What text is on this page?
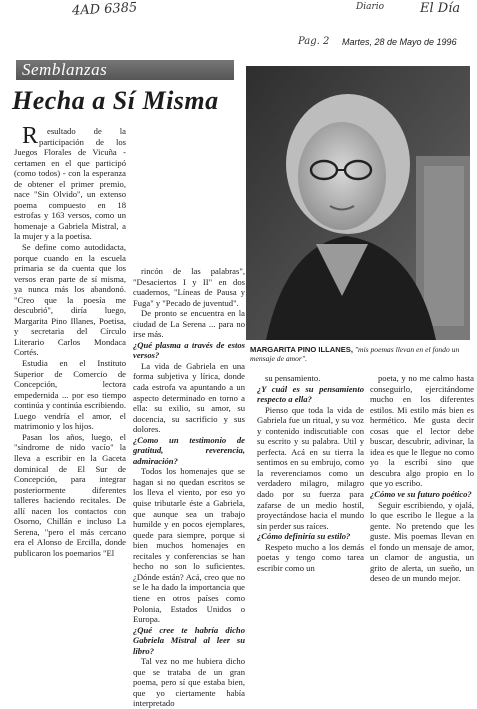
4AD 6385	Diario	El Día
Pag. 2 Martes, 28 de Mayo de 1996
Semblanzas
Hecha a Sí Misma

Resultado de la participación de los Juegos Florales de Vicuña - certamen en el que participó (como todos) - con la esperanza de obtener el primer premio, nace "Sin Olvido", un extenso poema compuesto en 18 estrofas y 163 versos, como un homenaje a Gabriela Mistral, a la mujer y a la poetisa.

Se define como autodidacta, porque cuando en la escuela primaria se da cuenta que los versos eran parte de sí misma, ya nunca más los abandonó. "Creo que la poesía me descubrió", diría luego, Margarita Pino Illanes, Poetisa, y secretaria del Círculo Literario Carlos Mondaca Cortés.

Estudia en el Instituto Superior de Comercio de Concepción, lectora empedernida ... por eso tiempo continúa y continúa escribiendo. Luego vendría el amor, el matrimonio y los hijos.

Pasan los años, luego, el "síndrome de nido vacío" la lleva a escribir en la Gaceta dominical de El Sur de Concepción, para integrar posteriormente diferentes talleres haciendo recitales. De allí nacen los contactos con Osorno, Chillán e incluso La Serena, "pero el más cercano era el Alonso de Ercilla, donde publicaron los poemarios "El

rincón de las palabras", "Desaciertos I y II" en dos cuadernos, "Líneas de Pausa y Fuga" y "Pecado de juventud".

De pronto se encuentra en la ciudad de La Serena ... para no irse más.

¿Qué plasma a través de estos versos?

La vida de Gabriela en una forma subjetiva y lírica, donde cada estrofa va apuntando a un aspecto determinado en torno a ella: su exilio, su amor, su docencia, su sacrificio y sus dolores.

¿Como un testimonio de gratitud, reverencia, admiración?

Todos los homenajes que se hagan si no quedan escritos se los lleva el viento, por eso yo quise tributarle éste a Gabriela, que aunque sea un trabajo humilde y en pocos ejemplares, quede para siempre, porque si bien muchos homenajes en recitales y conferencias se han hecho no son lo suficientes. ¿Dónde están? Acá, creo que no se le ha dado la importancia que tiene en otros países como Polonia, Estados Unidos o Europa.

¿Qué cree te habría dicho Gabriela Mistral al leer su libro?

Tal vez no me hubiera dicho que se trataba de un gran poema, pero sí que estaba bien, que yo ciertamente había interpretado

su pensamiento.

¿Y cuál es su pensamiento respecto a ella?

Pienso que toda la vida de Gabriela fue un ritual, y su voz y contenido indiscutiable con su escrito y su palabra. Util y perfecta. Acá en su tierra la sentimos en su embrujo, como la reverenciamos como un verdadero milagro, milagro dado por su fuerza para zafarse de un medio hostil, proyectándose hacia el mundo sin perder sus raíces.

¿Cómo definiría su estilo?

Respeto mucho a los demás poetas y tengo como tarea escribir como un

poeta, y no me calmo hasta conseguirlo, ejercitándome mucho en los diferentes estilos. Mi estilo más bien es hermético. Me gusta decir cosas que el lector debe buscar, descubrir, adivinar, la idea es que le llegue no como yo la escribí sino que descubra algo propio en lo que yo escribo.

¿Cómo ve su futuro poético?

Seguir escribiendo, y ojalá, lo que escribo le llegue a la gente. No pretendo que les guste. Mis poemas llevan en el fondo un mensaje de amor, un clamor de angustia, un grito de alerta, un sueño, un deseo de un mundo mejor.

MARGARITA PINO ILLANES, "mis poemas llevan en el fondo un mensaje de amor".
